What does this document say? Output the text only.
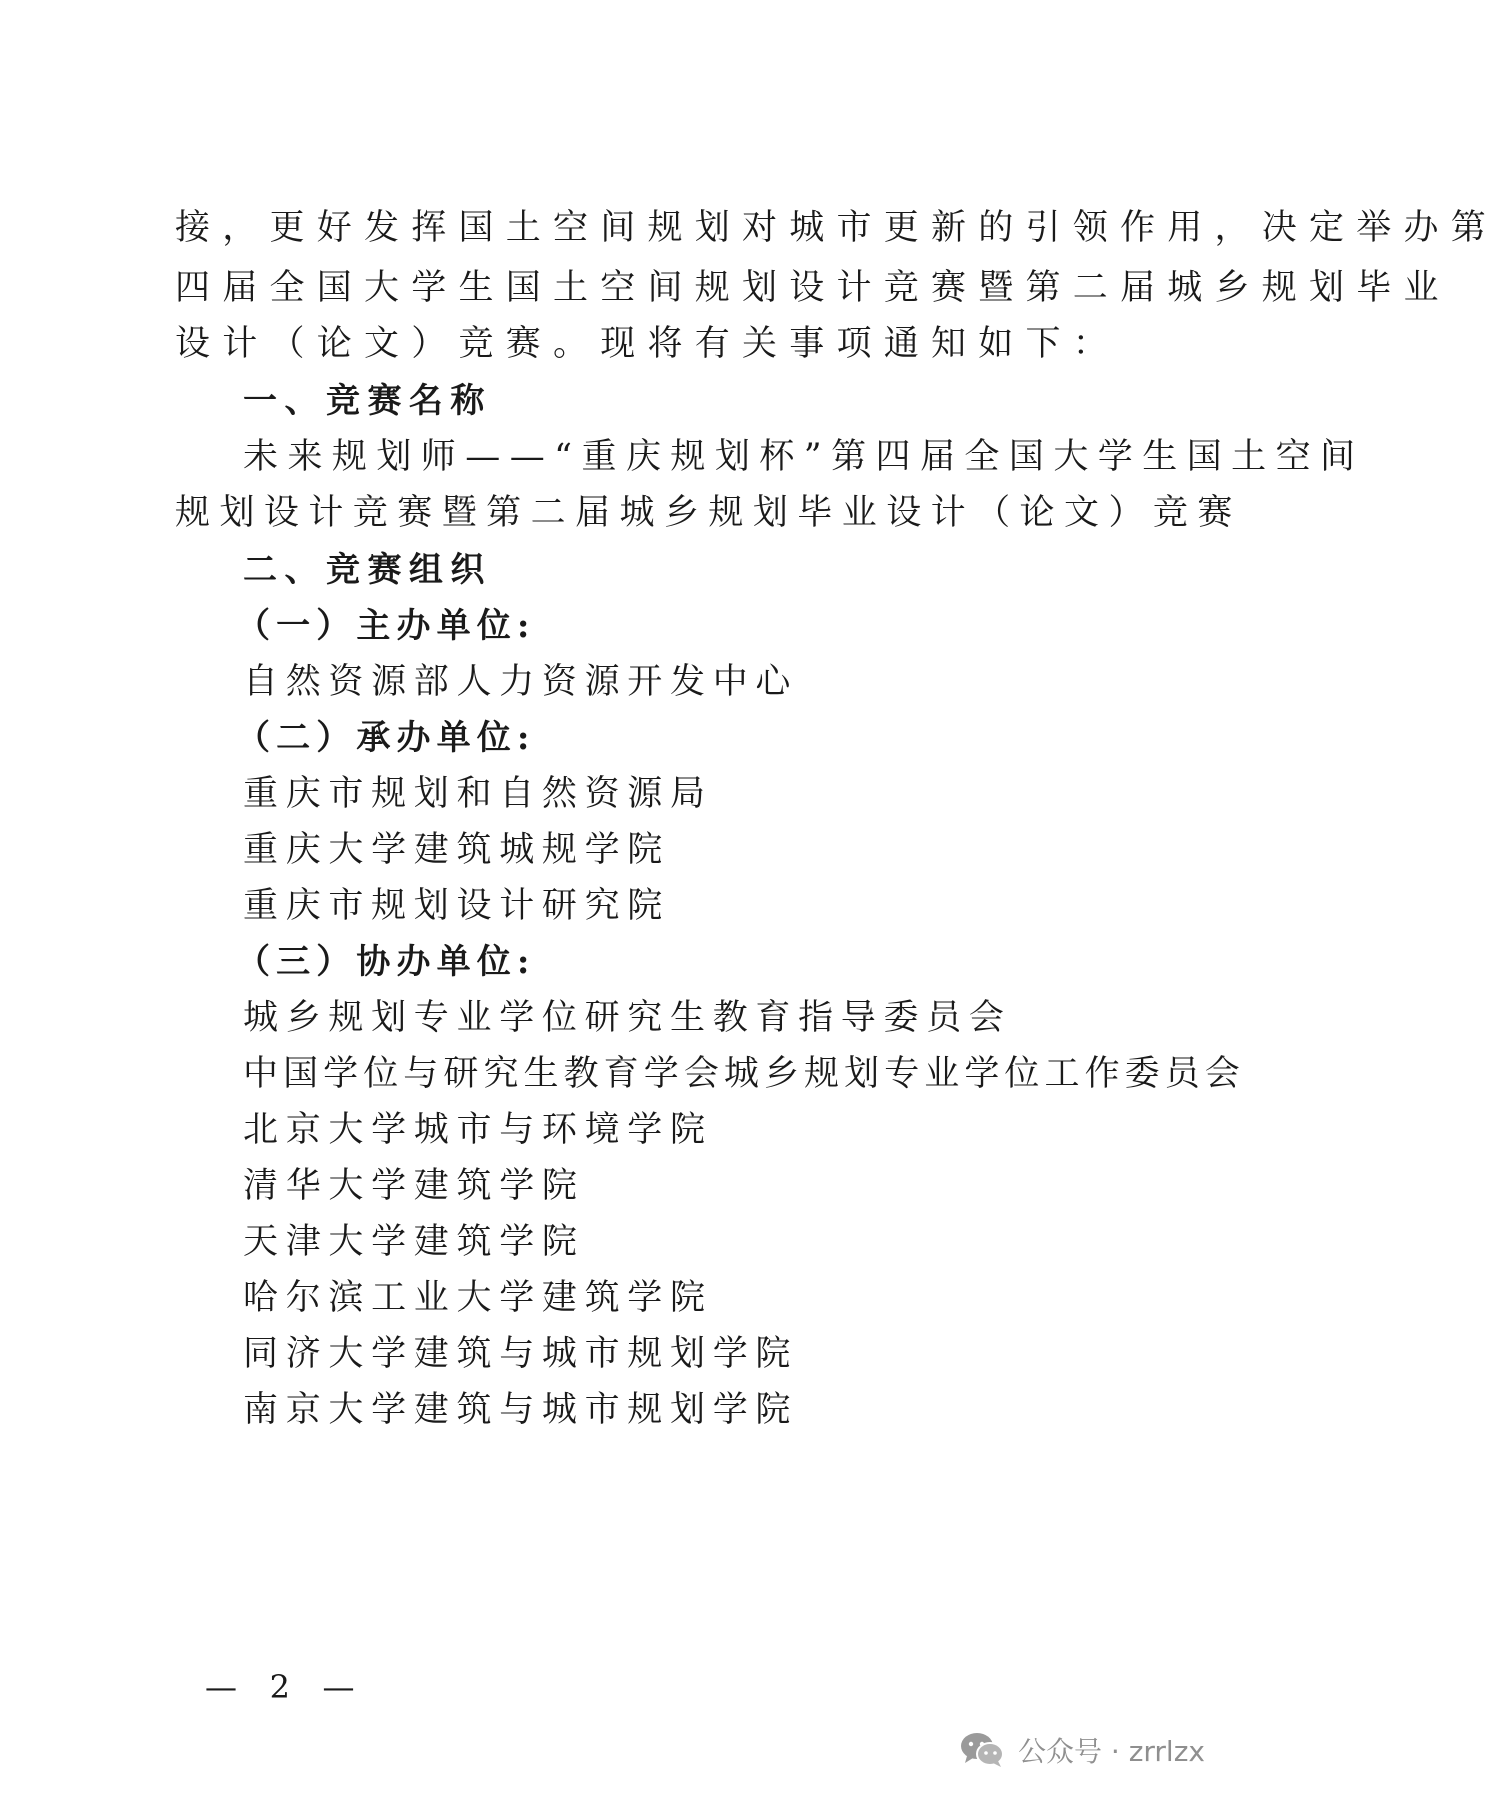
接，更好发挥国土空间规划对城市更新的引领作用，决定举办第
四届全国大学生国土空间规划设计竞赛暨第二届城乡规划毕业
设计（论文）竞赛。现将有关事项通知如下：
一、竞赛名称
未来规划师——“重庆规划杯”第四届全国大学生国土空间
规划设计竞赛暨第二届城乡规划毕业设计（论文）竞赛
二、竞赛组织
（一）主办单位:
自然资源部人力资源开发中心
（二）承办单位:
重庆市规划和自然资源局
重庆大学建筑城规学院
重庆市规划设计研究院
（三）协办单位:
城乡规划专业学位研究生教育指导委员会
中国学位与研究生教育学会城乡规划专业学位工作委员会
北京大学城市与环境学院
清华大学建筑学院
天津大学建筑学院
哈尔滨工业大学建筑学院
同济大学建筑与城市规划学院
南京大学建筑与城市规划学院
— 2 —
公众号 · zrrlzx
